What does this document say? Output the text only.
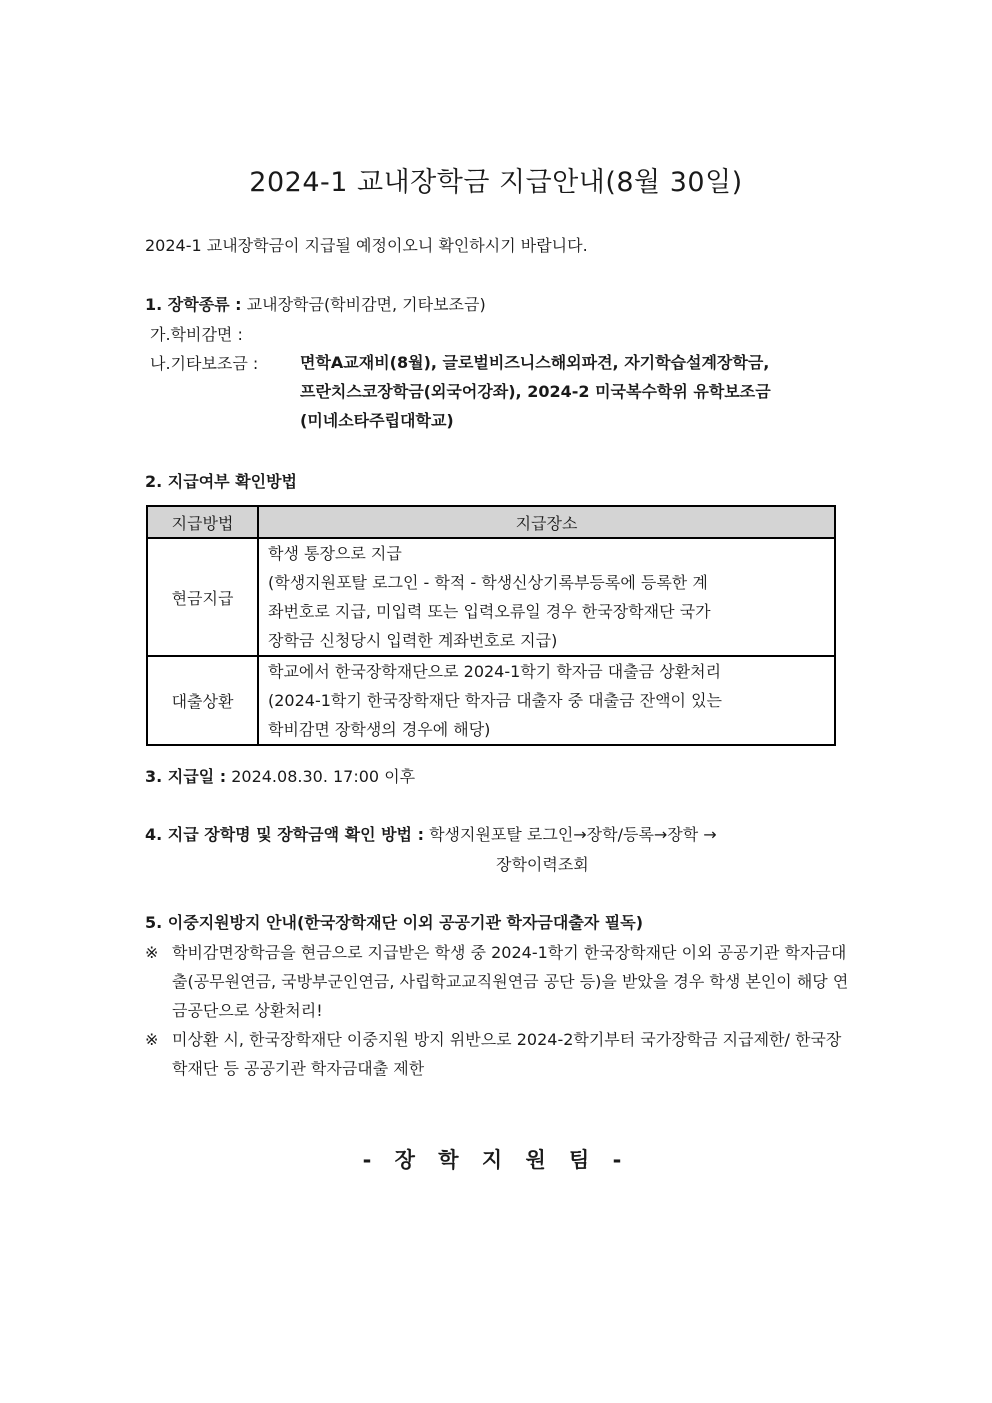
2024-1 교내장학금 지급안내(8월 30일)
2024-1 교내장학금이 지급될 예정이오니 확인하시기 바랍니다.
1. 장학종류 : 교내장학금(학비감면, 기타보조금)
가.학비감면 :
나.기타보조금 :	면학A교재비(8월), 글로벌비즈니스해외파견, 자기학습설계장학금,
프란치스코장학금(외국어강좌), 2024-2 미국복수학위 유학보조금
(미네소타주립대학교)
2. 지급여부 확인방법
지급방법	지급장소
현금지급	학생 통장으로 지급
(학생지원포탈 로그인 - 학적 - 학생신상기록부등록에 등록한 계
좌번호로 지급, 미입력 또는 입력오류일 경우 한국장학재단 국가
장학금 신청당시 입력한 계좌번호로 지급)

대출상환	학교에서 한국장학재단으로 2024-1학기 학자금 대출금 상환처리
(2024-1학기 한국장학재단 학자금 대출자 중 대출금 잔액이 있는
학비감면 장학생의 경우에 해당)
3. 지급일 : 2024.08.30. 17:00 이후
4. 지급 장학명 및 장학금액 확인 방법 : 학생지원포탈 로그인→장학/등록→장학 →
장학이력조회
5. 이중지원방지 안내(한국장학재단 이외 공공기관 학자금대출자 필독)
※ 학비감면장학금을 현금으로 지급받은 학생 중 2024-1학기 한국장학재단 이외 공공기관 학자금대출(공무원연금, 국방부군인연금, 사립학교교직원연금 공단 등)을 받았을 경우 학생 본인이 해당 연금공단으로 상환처리!
※ 미상환 시, 한국장학재단 이중지원 방지 위반으로 2024-2학기부터 국가장학금 지급제한/ 한국장학재단 등 공공기관 학자금대출 제한
- 장 학 지 원 팀 -
